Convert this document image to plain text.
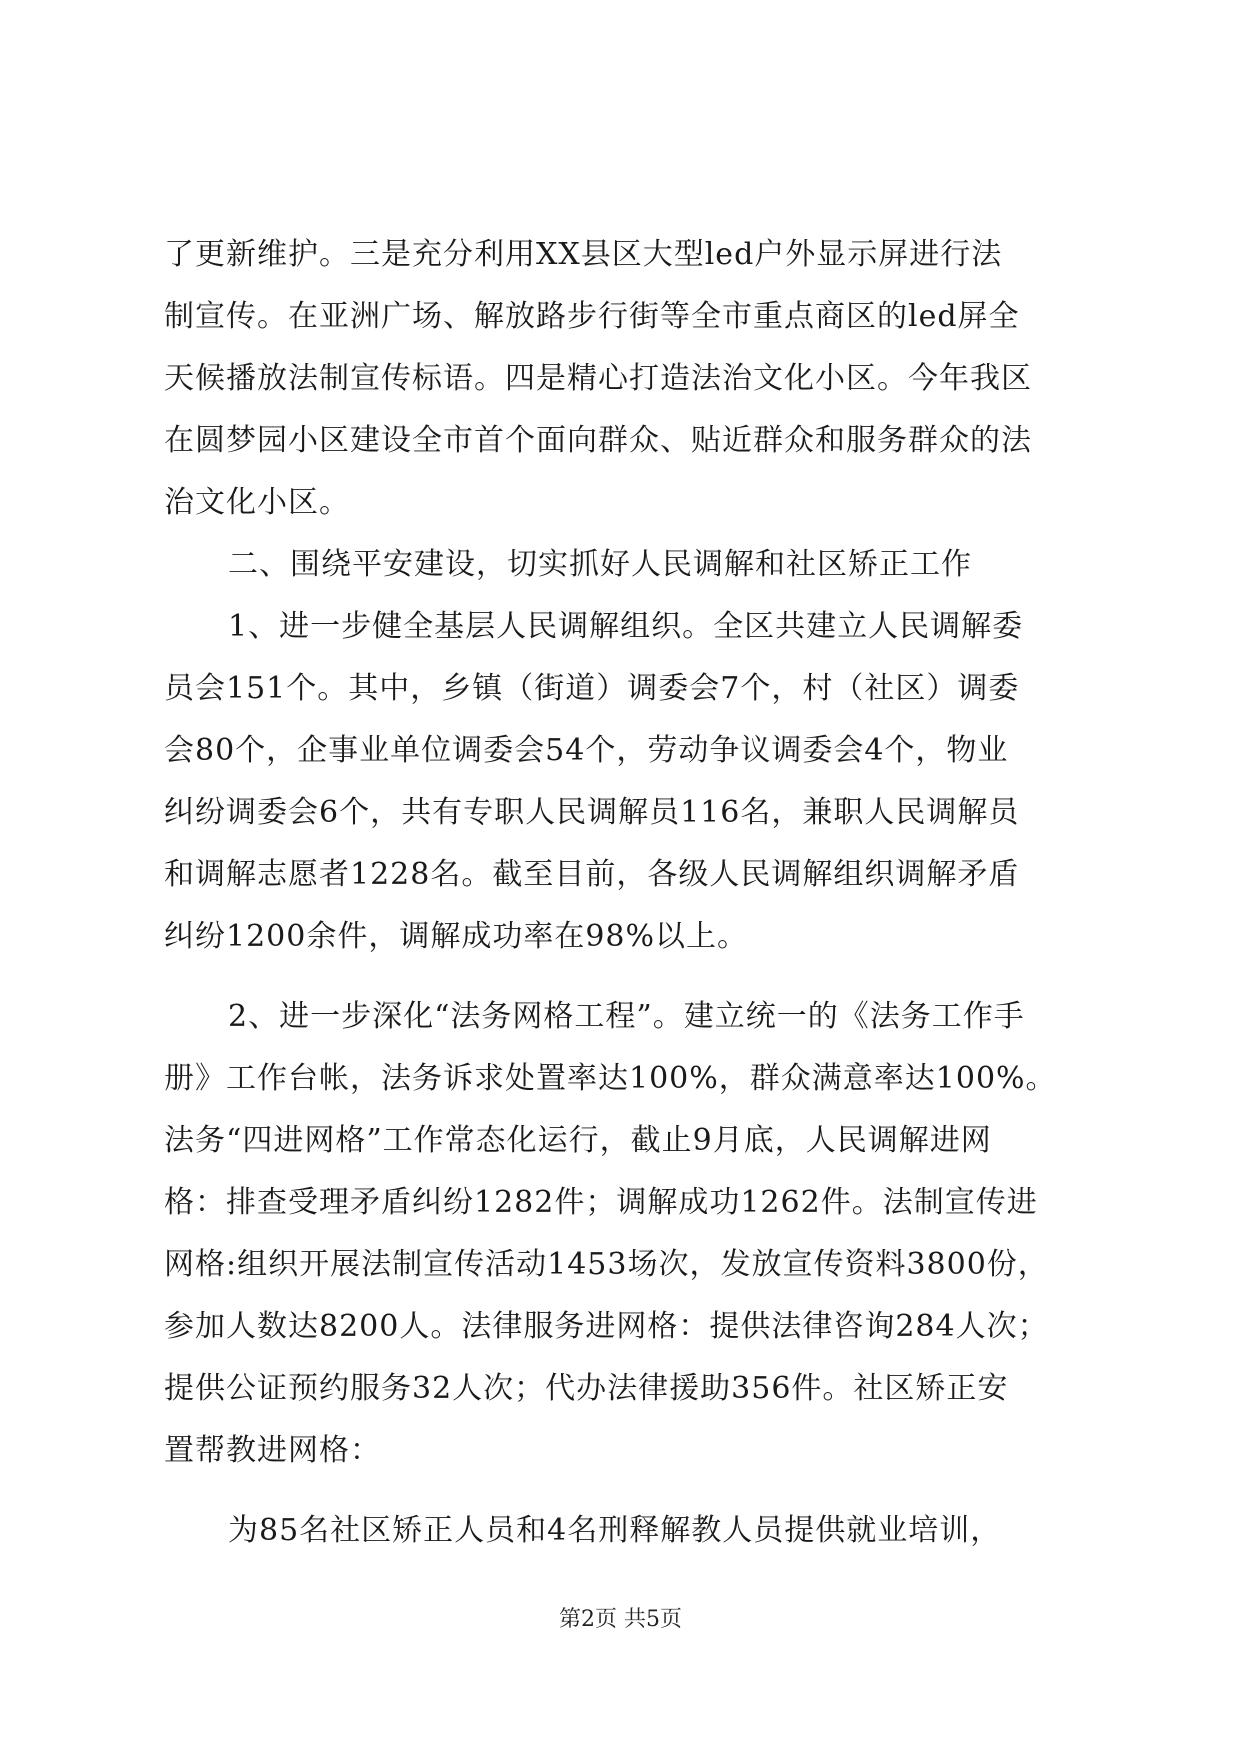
了更新维护。三是充分利用XX县区大型led户外显示屏进行法
制宣传。在亚洲广场、解放路步行街等全市重点商区的led屏全
天候播放法制宣传标语。四是精心打造法治文化小区。今年我区
在圆梦园小区建设全市首个面向群众、贴近群众和服务群众的法
治文化小区。
二、围绕平安建设，切实抓好人民调解和社区矫正工作
1、进一步健全基层人民调解组织。全区共建立人民调解委
员会151个。其中，乡镇（街道）调委会7个，村（社区）调委
会80个，企事业单位调委会54个，劳动争议调委会4个，物业
纠纷调委会6个，共有专职人民调解员116名，兼职人民调解员
和调解志愿者1228名。截至目前，各级人民调解组织调解矛盾
纠纷1200余件，调解成功率在98%以上。
2、进一步深化“法务网格工程”。建立统一的《法务工作手
册》工作台帐，法务诉求处置率达100%，群众满意率达100%。
法务“四进网格”工作常态化运行，截止9月底，人民调解进网
格：排查受理矛盾纠纷1282件；调解成功1262件。法制宣传进
网格:组织开展法制宣传活动1453场次，发放宣传资料3800份，
参加人数达8200人。法律服务进网格：提供法律咨询284人次；
提供公证预约服务32人次；代办法律援助356件。社区矫正安
置帮教进网格：
为85名社区矫正人员和4名刑释解教人员提供就业培训，
第2页 共5页
